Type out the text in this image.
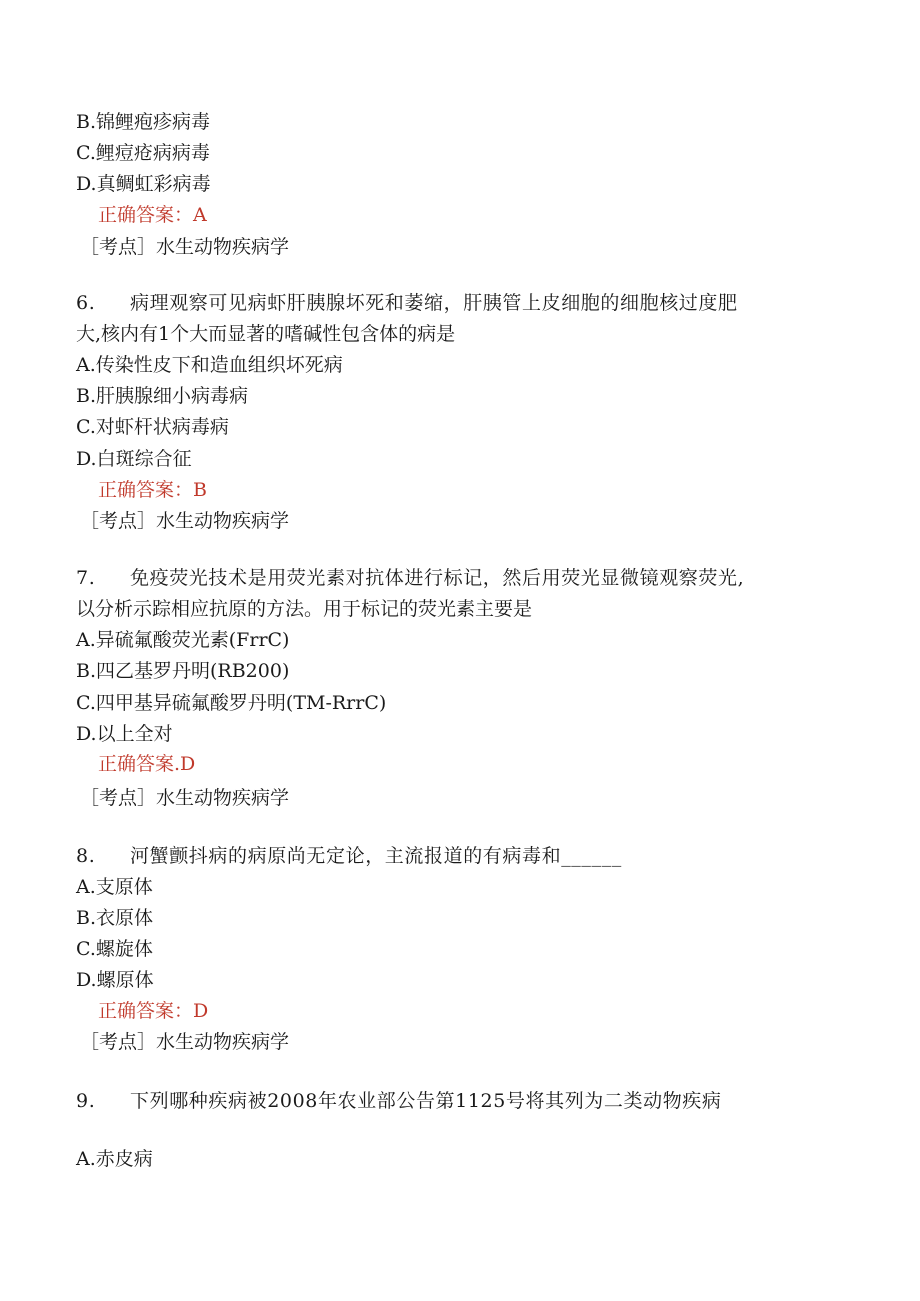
B.锦鲤疱疹病毒
C.鲤痘疮病病毒
D.真鲷虹彩病毒
正确答案：A
［考点］水生动物疾病学
6. 病理观察可见病虾肝胰腺坏死和萎缩，肝胰管上皮细胞的细胞核过度肥
大,核内有1个大而显著的嗜碱性包含体的病是
A.传染性皮下和造血组织坏死病
B.肝胰腺细小病毒病
C.对虾杆状病毒病
D.白斑综合征
正确答案：B
［考点］水生动物疾病学
7. 免疫荧光技术是用荧光素对抗体进行标记，然后用荧光显微镜观察荧光,
以分析示踪相应抗原的方法。用于标记的荧光素主要是
A.异硫氟酸荧光素(FrrC)
B.四乙基罗丹明(RB200)
C.四甲基异硫氟酸罗丹明(TM-RrrC)
D.以上全对
正确答案.D
［考点］水生动物疾病学
8. 河蟹颤抖病的病原尚无定论，主流报道的有病毒和______
A.支原体
B.衣原体
C.螺旋体
D.螺原体
正确答案：D
［考点］水生动物疾病学
9. 下列哪种疾病被2008年农业部公告第1125号将其列为二类动物疾病
A.赤皮病
